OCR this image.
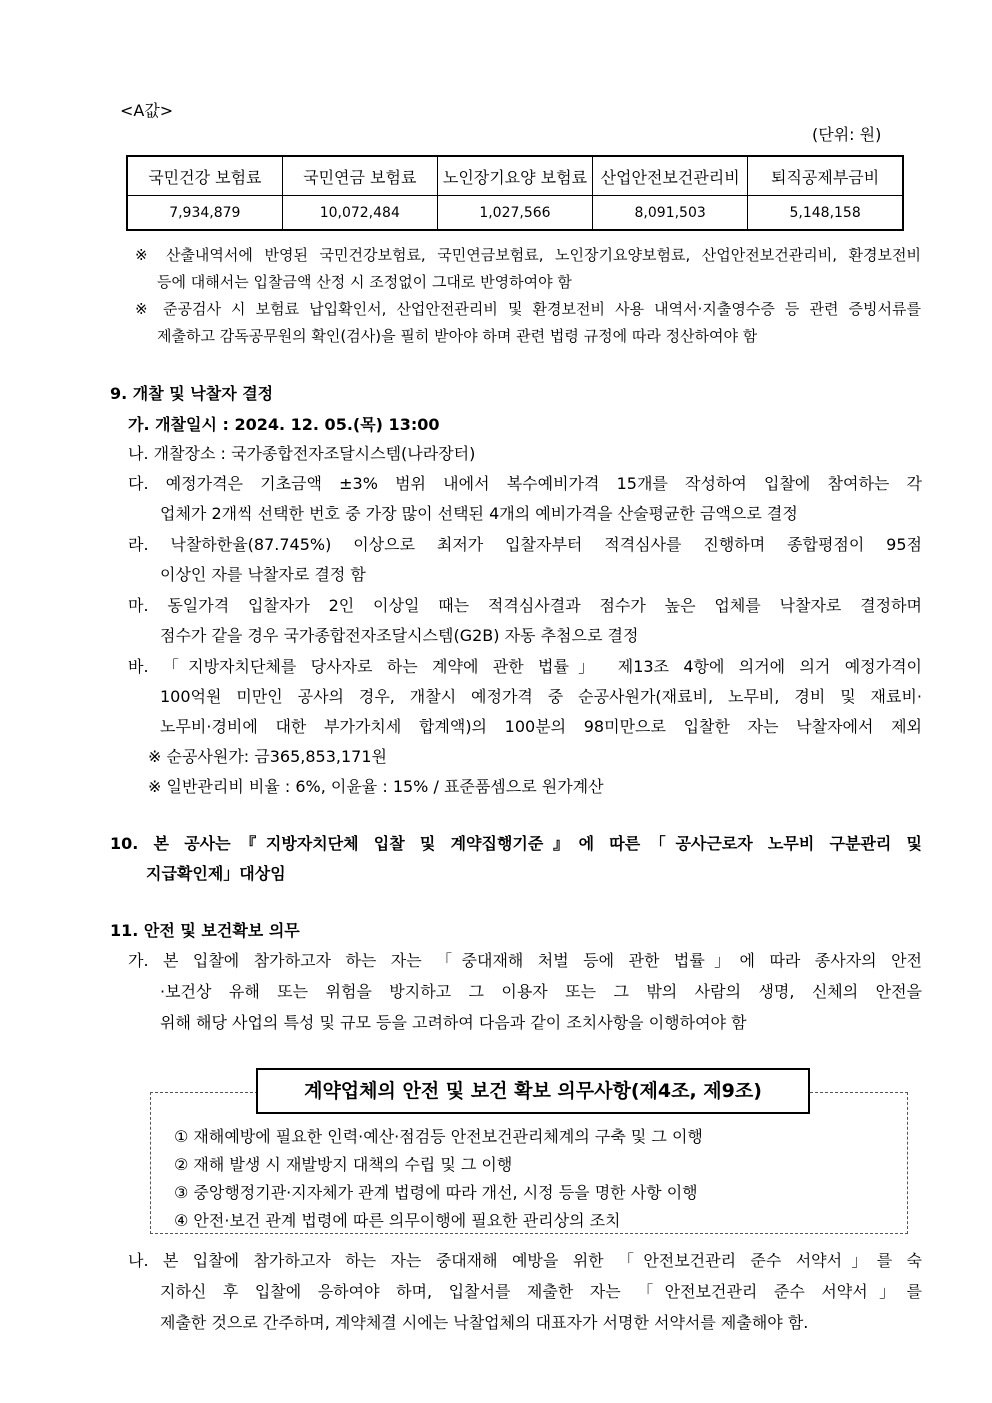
<A값>
(단위: 원)
국민건강 보험료	국민연금 보험료	노인장기요양 보험료	산업안전보건관리비	퇴직공제부금비
7,934,879	10,072,484	1,027,566	8,091,503	5,148,158
※ 산출내역서에 반영된 국민건강보험료, 국민연금보험료, 노인장기요양보험료, 산업안전보건관리비, 환경보전비
등에 대해서는 입찰금액 산정 시 조정없이 그대로 반영하여야 함
※ 준공검사 시 보험료 납입확인서, 산업안전관리비 및 환경보전비 사용 내역서·지출영수증 등 관련 증빙서류를
제출하고 감독공무원의 확인(검사)을 필히 받아야 하며 관련 법령 규정에 따라 정산하여야 함
9. 개찰 및 낙찰자 결정
가. 개찰일시 : 2024. 12. 05.(목) 13:00
나. 개찰장소 : 국가종합전자조달시스템(나라장터)
다. 예정가격은 기초금액 ±3% 범위 내에서 복수예비가격 15개를 작성하여 입찰에 참여하는 각
업체가 2개씩 선택한 번호 중 가장 많이 선택된 4개의 예비가격을 산술평균한 금액으로 결정
라. 낙찰하한율(87.745%) 이상으로 최저가 입찰자부터 적격심사를 진행하며 종합평점이 95점
이상인 자를 낙찰자로 결정 함
마. 동일가격 입찰자가 2인 이상일 때는 적격심사결과 점수가 높은 업체를 낙찰자로 결정하며
점수가 같을 경우 국가종합전자조달시스템(G2B) 자동 추첨으로 결정
바. 「지방자치단체를 당사자로 하는 계약에 관한 법률」 제13조 4항에 의거에 의거 예정가격이
100억원 미만인 공사의 경우, 개찰시 예정가격 중 순공사원가(재료비, 노무비, 경비 및 재료비·
노무비·경비에 대한 부가가치세 합계액)의 100분의 98미만으로 입찰한 자는 낙찰자에서 제외
※ 순공사원가: 금365,853,171원
※ 일반관리비 비율 : 6%, 이윤율 : 15% / 표준품셈으로 원가계산
10. 본 공사는『지방자치단체 입찰 및 계약집행기준』에 따른「공사근로자 노무비 구분관리 및
지급확인제」대상임
11. 안전 및 보건확보 의무
가. 본 입찰에 참가하고자 하는 자는 「중대재해 처벌 등에 관한 법률」에 따라 종사자의 안전
·보건상 유해 또는 위험을 방지하고 그 이용자 또는 그 밖의 사람의 생명, 신체의 안전을
위해 해당 사업의 특성 및 규모 등을 고려하여 다음과 같이 조치사항을 이행하여야 함
계약업체의 안전 및 보건 확보 의무사항(제4조, 제9조)
① 재해예방에 필요한 인력·예산·점검등 안전보건관리체계의 구축 및 그 이행
② 재해 발생 시 재발방지 대책의 수립 및 그 이행
③ 중앙행정기관·지자체가 관계 법령에 따라 개선, 시정 등을 명한 사항 이행
④ 안전·보건 관계 법령에 따른 의무이행에 필요한 관리상의 조치
나. 본 입찰에 참가하고자 하는 자는 중대재해 예방을 위한 「안전보건관리 준수 서약서」를 숙
지하신 후 입찰에 응하여야 하며, 입찰서를 제출한 자는 「안전보건관리 준수 서약서」를
제출한 것으로 간주하며, 계약체결 시에는 낙찰업체의 대표자가 서명한 서약서를 제출해야 함.
